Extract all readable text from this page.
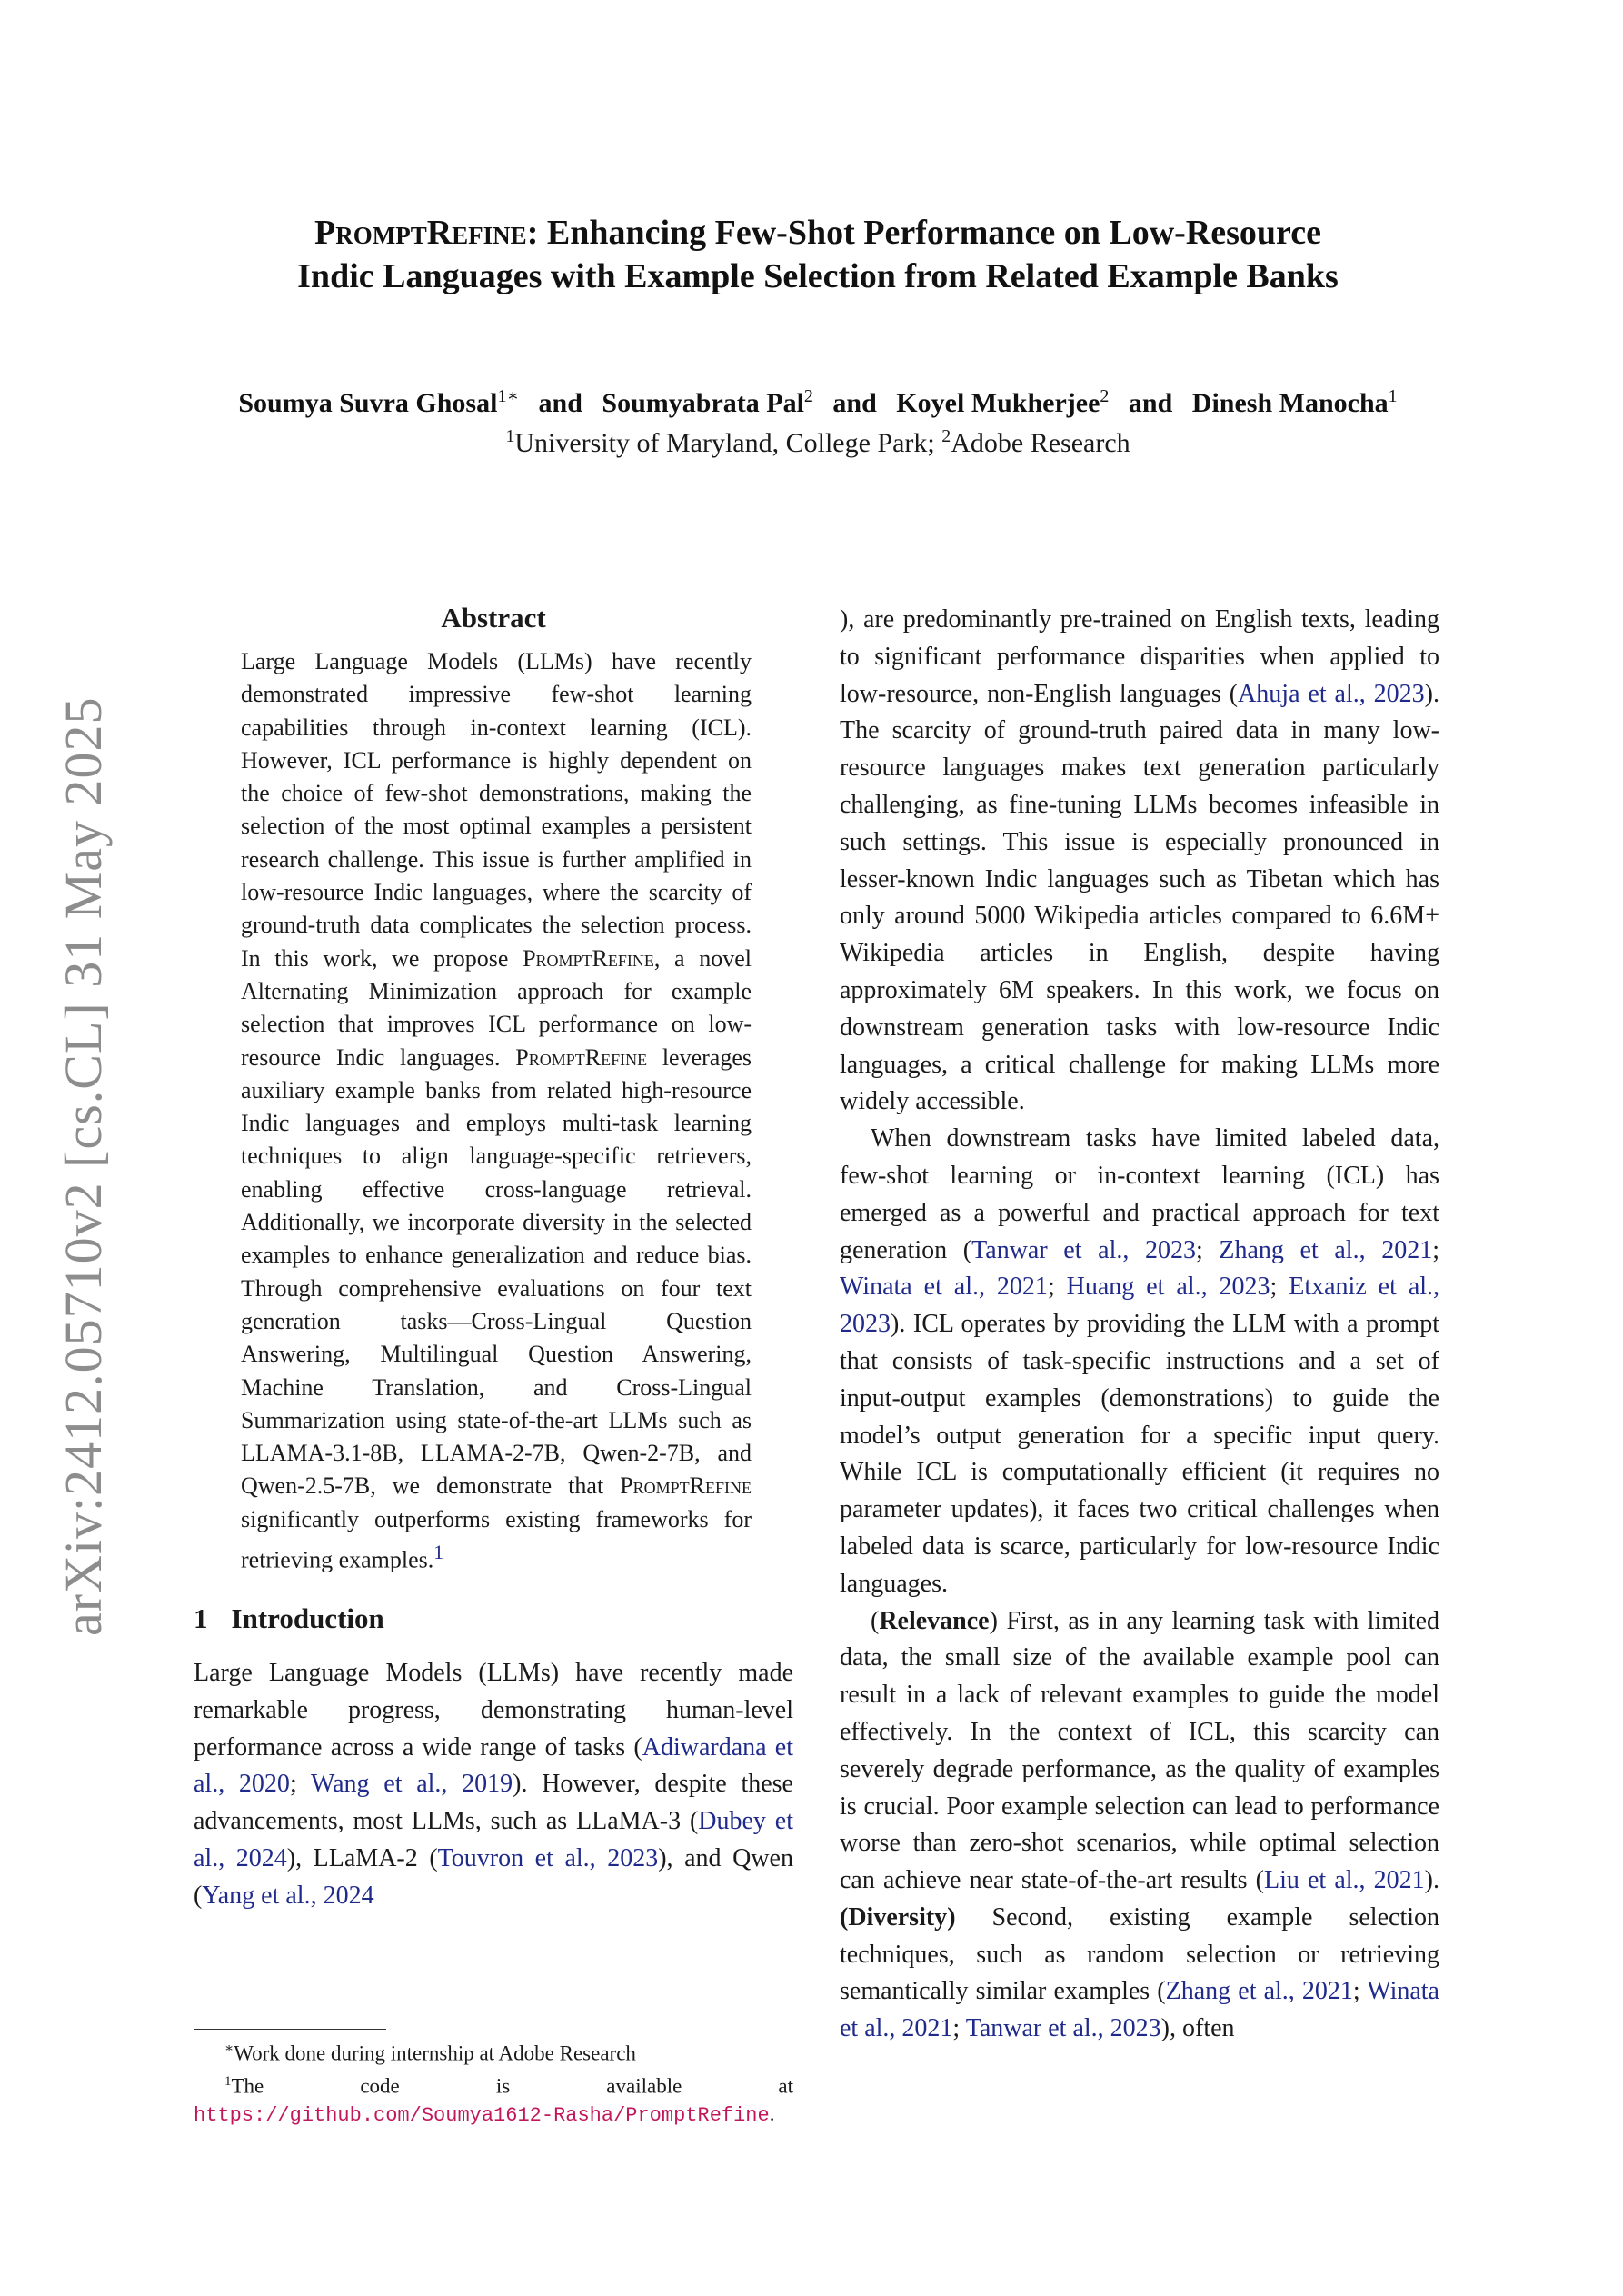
arXiv:2412.05710v2 [cs.CL] 31 May 2025
PromptRefine: Enhancing Few-Shot Performance on Low-Resource
Indic Languages with Example Selection from Related Example Banks
Soumya Suvra Ghosal$^{1∗}$ and Soumyabrata Pal$^2$ and Koyel Mukherjee$^2$ and Dinesh Manocha$^1$
$^1$University of Maryland, College Park; $^2$Adobe Research
Abstract

Large Language Models (LLMs) have recently demonstrated impressive few-shot learning capabilities through in-context learning (ICL). However, ICL performance is highly dependent on the choice of few-shot demonstrations, making the selection of the most optimal examples a persistent research challenge. This issue is further amplified in low-resource Indic languages, where the scarcity of ground-truth data complicates the selection process. In this work, we propose PromptRefine, a novel Alternating Minimization approach for example selection that improves ICL performance on low-resource Indic languages. PromptRefine leverages auxiliary example banks from related high-resource Indic languages and employs multi-task learning techniques to align language-specific retrievers, enabling effective cross-language retrieval. Additionally, we incorporate diversity in the selected examples to enhance generalization and reduce bias. Through comprehensive evaluations on four text generation tasks—Cross-Lingual Question Answering, Multilingual Question Answering, Machine Translation, and Cross-Lingual Summarization using state-of-the-art LLMs such as LLAMA-3.1-8B, LLAMA-2-7B, Qwen-2-7B, and Qwen-2.5-7B, we demonstrate that PromptRefine significantly outperforms existing frameworks for retrieving examples.$^1$

1 Introduction

Large Language Models (LLMs) have recently made remarkable progress, demonstrating human-level performance across a wide range of tasks (Adiwardana et al., 2020; Wang et al., 2019). However, despite these advancements, most LLMs, such as LLaMA-3 (Dubey et al., 2024), LLaMA-2 (Touvron et al., 2023), and Qwen (Yang et al., 2024

∗Work done during internship at Adobe Research

$^1$The code is available at https://github.com/Soumya1612-Rasha/PromptRefine.

), are predominantly pre-trained on English texts, leading to significant performance disparities when applied to low-resource, non-English languages (Ahuja et al., 2023). The scarcity of ground-truth paired data in many low-resource languages makes text generation particularly challenging, as fine-tuning LLMs becomes infeasible in such settings. This issue is especially pronounced in lesser-known Indic languages such as Tibetan which has only around 5000 Wikipedia articles compared to 6.6M+ Wikipedia articles in English, despite having approximately 6M speakers. In this work, we focus on downstream generation tasks with low-resource Indic languages, a critical challenge for making LLMs more widely accessible.

When downstream tasks have limited labeled data, few-shot learning or in-context learning (ICL) has emerged as a powerful and practical approach for text generation (Tanwar et al., 2023; Zhang et al., 2021; Winata et al., 2021; Huang et al., 2023; Etxaniz et al., 2023). ICL operates by providing the LLM with a prompt that consists of task-specific instructions and a set of input-output examples (demonstrations) to guide the model’s output generation for a specific input query. While ICL is computationally efficient (it requires no parameter updates), it faces two critical challenges when labeled data is scarce, particularly for low-resource Indic languages.

(Relevance) First, as in any learning task with limited data, the small size of the available example pool can result in a lack of relevant examples to guide the model effectively. In the context of ICL, this scarcity can severely degrade performance, as the quality of examples is crucial. Poor example selection can lead to performance worse than zero-shot scenarios, while optimal selection can achieve near state-of-the-art results (Liu et al., 2021). (Diversity) Second, existing example selection techniques, such as random selection or retrieving semantically similar examples (Zhang et al., 2021; Winata et al., 2021; Tanwar et al., 2023), often
